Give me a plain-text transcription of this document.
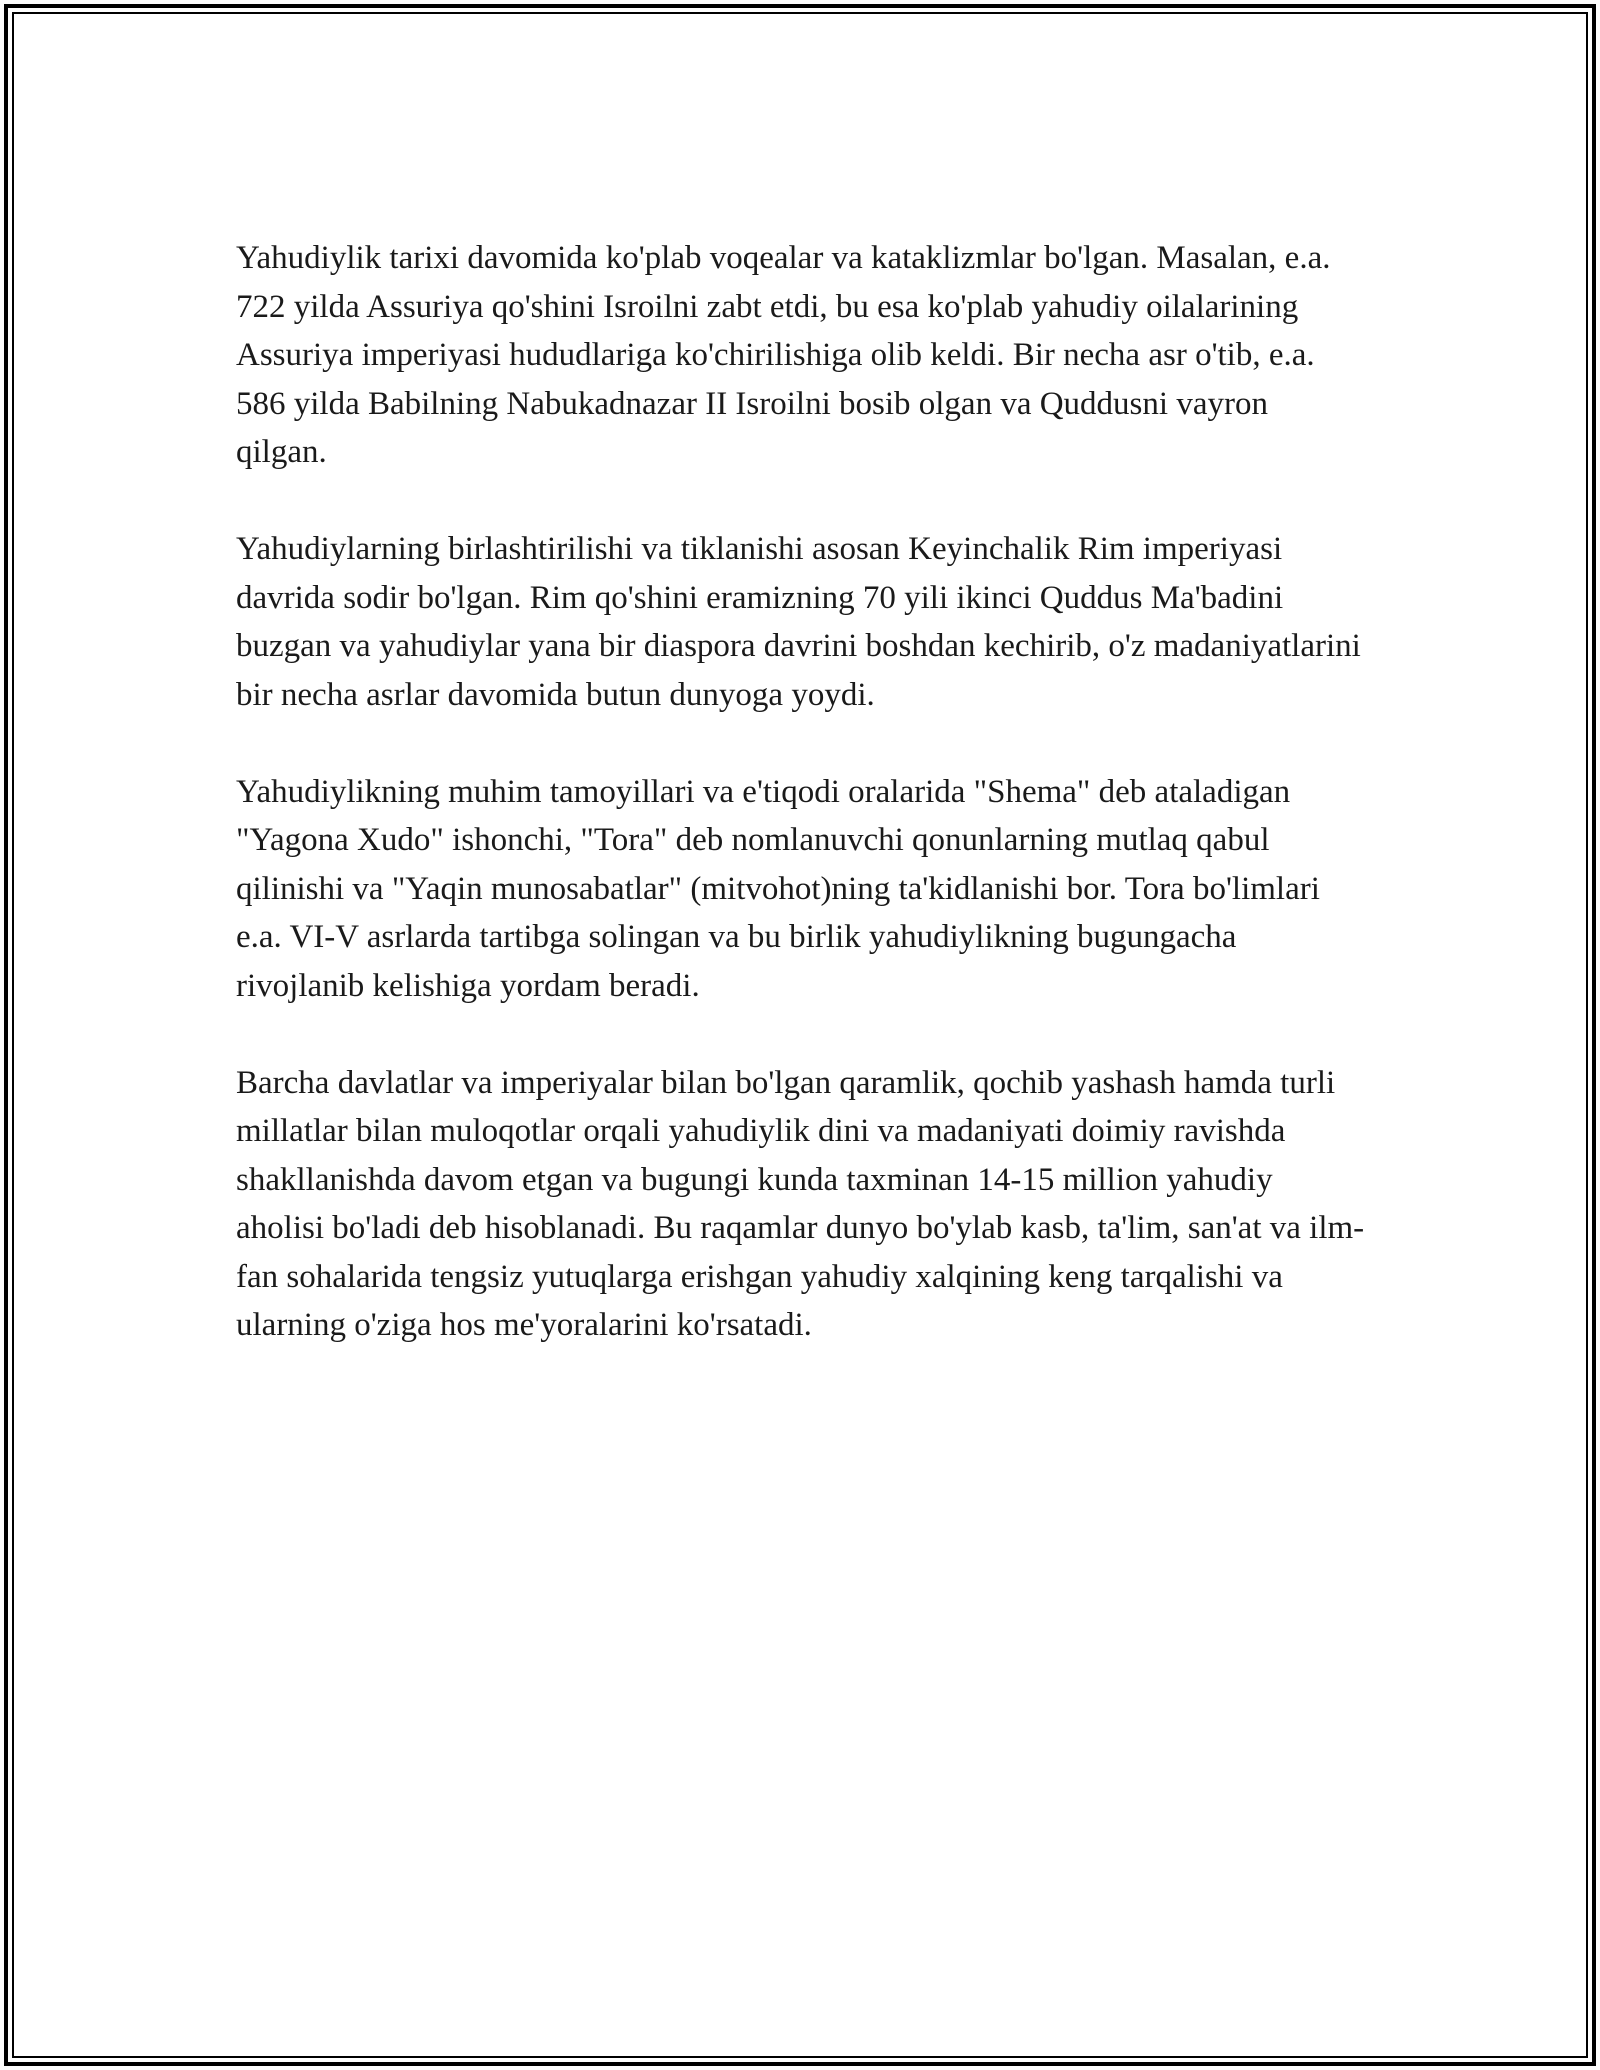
Yahudiylik tarixi davomida ko'plab voqealar va kataklizmlar bo'lgan. Masalan, e.a. 722 yilda Assuriya qo'shini Isroilni zabt etdi, bu esa ko'plab yahudiy oilalarining Assuriya imperiyasi hududlariga ko'chirilishiga olib keldi. Bir necha asr o'tib, e.a. 586 yilda Babilning Nabukadnazar II Isroilni bosib olgan va Quddusni vayron qilgan.

Yahudiylarning birlashtirilishi va tiklanishi asosan Keyinchalik Rim imperiyasi davrida sodir bo'lgan. Rim qo'shini eramizning 70 yili ikinci Quddus Ma'badini buzgan va yahudiylar yana bir diaspora davrini boshdan kechirib, o'z madaniyatlarini bir necha asrlar davomida butun dunyoga yoydi.

Yahudiylikning muhim tamoyillari va e'tiqodi oralarida "Shema" deb ataladigan "Yagona Xudo" ishonchi, "Tora" deb nomlanuvchi qonunlarning mutlaq qabul qilinishi va "Yaqin munosabatlar" (mitvohot)ning ta'kidlanishi bor. Tora bo'limlari e.a. VI-V asrlarda tartibga solingan va bu birlik yahudiylikning bugungacha rivojlanib kelishiga yordam beradi.

Barcha davlatlar va imperiyalar bilan bo'lgan qaramlik, qochib yashash hamda turli millatlar bilan muloqotlar orqali yahudiylik dini va madaniyati doimiy ravishda shakllanishda davom etgan va bugungi kunda taxminan 14-15 million yahudiy aholisi bo'ladi deb hisoblanadi. Bu raqamlar dunyo bo'ylab kasb, ta'lim, san'at va ilm-fan sohalarida tengsiz yutuqlarga erishgan yahudiy xalqining keng tarqalishi va ularning o'ziga hos me'yoralarini ko'rsatadi.
